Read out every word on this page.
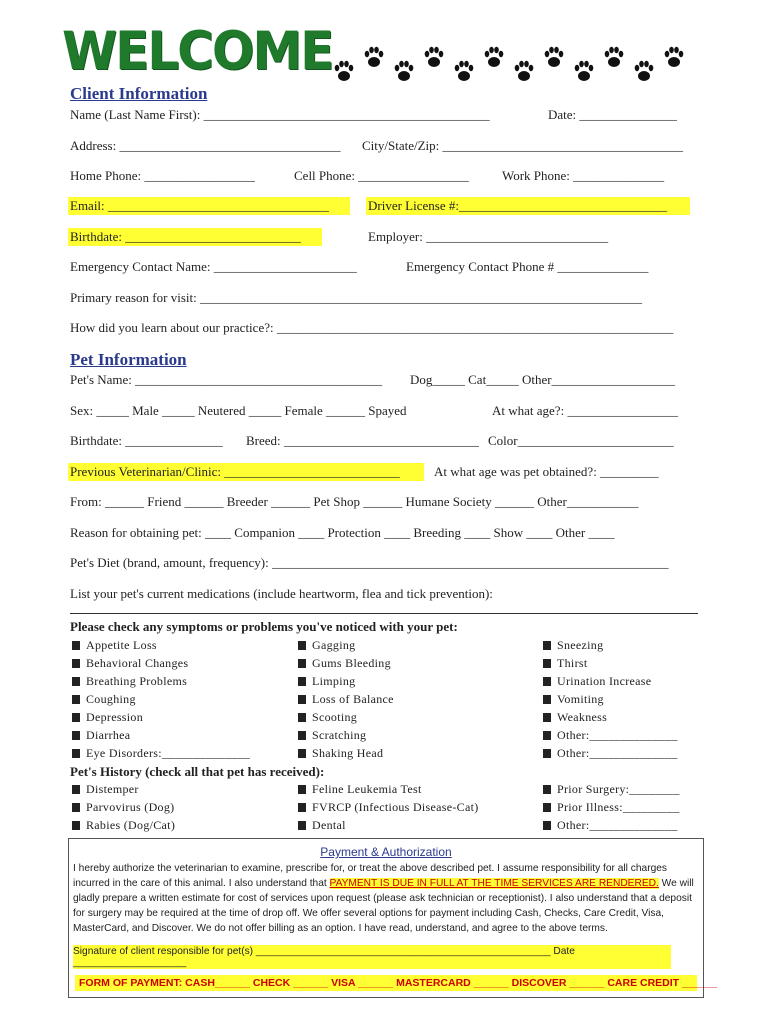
WELCOME
Client Information
Name (Last Name First): ____________________________________________	Date: _______________
Address: __________________________________ City/State/Zip: _____________________________________
Home Phone: _________________	Cell Phone: _________________	Work Phone: ______________
Email: __________________________________	Driver License #:________________________________
Birthdate: ___________________________	Employer: ____________________________
Emergency Contact Name: ______________________	Emergency Contact Phone # ______________
Primary reason for visit: ____________________________________________________________________
How did you learn about our practice?: _____________________________________________________________
Pet Information
Pet's Name: ______________________________________ Dog_____ Cat_____ Other___________________
Sex: _____ Male _____ Neutered _____ Female ______ Spayed	At what age?: _________________
Birthdate: _______________ Breed: ______________________________ Color________________________
Previous Veterinarian/Clinic: ___________________________	At what age was pet obtained?: _________
From: ______ Friend ______ Breeder ______ Pet Shop ______ Humane Society ______ Other___________
Reason for obtaining pet: ____ Companion ____ Protection ____ Breeding ____ Show ____ Other ____
Pet's Diet (brand, amount, frequency): _____________________________________________________________
List your pet's current medications (include heartworm, flea and tick prevention):
Please check any symptoms or problems you've noticed with your pet:
Appetite Loss
Behavioral Changes
Breathing Problems
Coughing
Depression
Diarrhea
Eye Disorders:______________
Gagging
Gums Bleeding
Limping
Loss of Balance
Scooting
Scratching
Shaking Head
Sneezing
Thirst
Urination Increase
Vomiting
Weakness
Other:______________
Other:______________
Pet's History (check all that pet has received):
Distemper
Parvovirus (Dog)
Rabies (Dog/Cat)
Feline Leukemia Test
FVRCP (Infectious Disease-Cat)
Dental
Prior Surgery:________
Prior Illness:_________
Other:______________
Payment & Authorization
I hereby authorize the veterinarian to examine, prescribe for, or treat the above described pet. I assume responsibility for all charges incurred in the care of this animal. I also understand that PAYMENT IS DUE IN FULL AT THE TIME SERVICES ARE RENDERED. We will gladly prepare a written estimate for cost of services upon request (please ask technician or receptionist). I also understand that a deposit for surgery may be required at the time of drop off. We offer several options for payment including Cash, Checks, Care Credit, Visa, MasterCard, and Discover. We do not offer billing as an option. I have read, understand, and agree to the above terms.
Signature of client responsible for pet(s) ____________________________________________________ Date ____________________
FORM OF PAYMENT: CASH______ CHECK ______ VISA ______ MASTERCARD ______ DISCOVER ______ CARE CREDIT ______
